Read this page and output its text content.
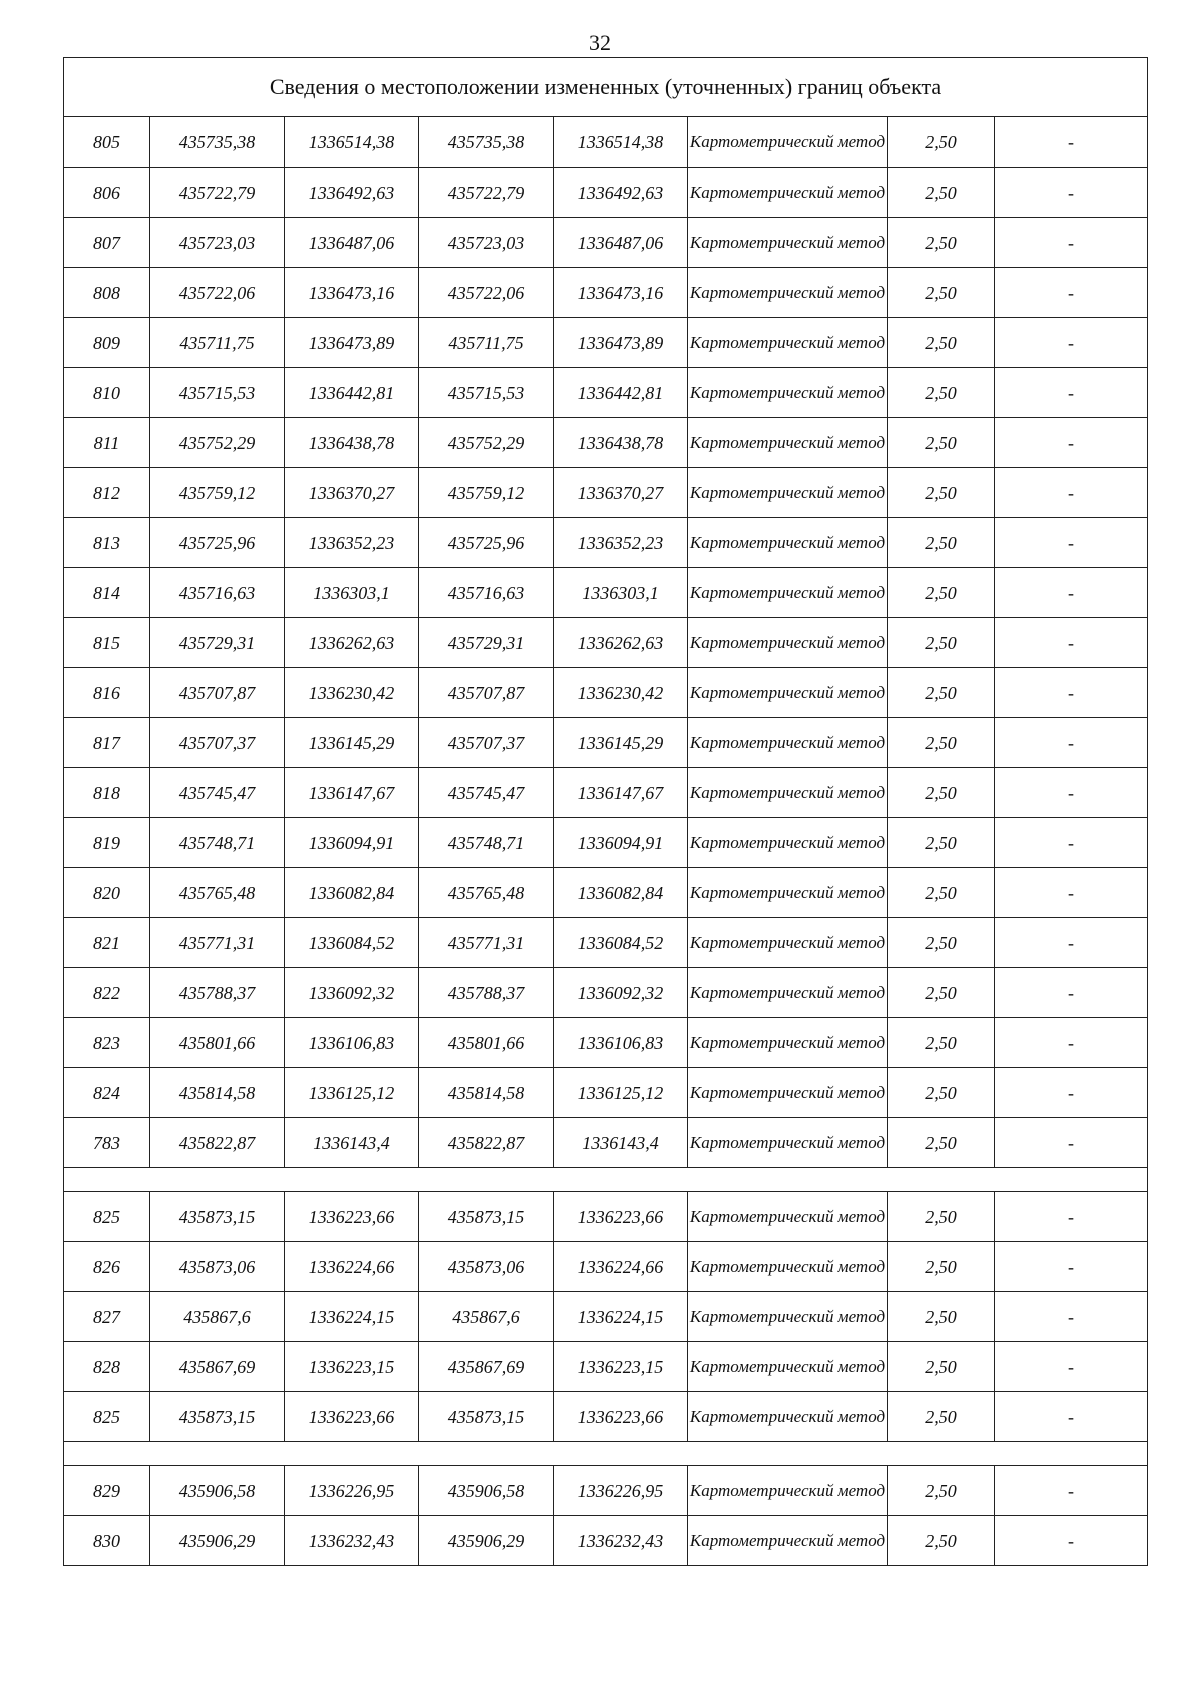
32
Сведения о местоположении измененных (уточненных) границ объекта							
805	435735,38	1336514,38	435735,38	1336514,38	Картометрический метод	2,50	-
806	435722,79	1336492,63	435722,79	1336492,63	Картометрический метод	2,50	-
807	435723,03	1336487,06	435723,03	1336487,06	Картометрический метод	2,50	-
808	435722,06	1336473,16	435722,06	1336473,16	Картометрический метод	2,50	-
809	435711,75	1336473,89	435711,75	1336473,89	Картометрический метод	2,50	-
810	435715,53	1336442,81	435715,53	1336442,81	Картометрический метод	2,50	-
811	435752,29	1336438,78	435752,29	1336438,78	Картометрический метод	2,50	-
812	435759,12	1336370,27	435759,12	1336370,27	Картометрический метод	2,50	-
813	435725,96	1336352,23	435725,96	1336352,23	Картометрический метод	2,50	-
814	435716,63	1336303,1	435716,63	1336303,1	Картометрический метод	2,50	-
815	435729,31	1336262,63	435729,31	1336262,63	Картометрический метод	2,50	-
816	435707,87	1336230,42	435707,87	1336230,42	Картометрический метод	2,50	-
817	435707,37	1336145,29	435707,37	1336145,29	Картометрический метод	2,50	-
818	435745,47	1336147,67	435745,47	1336147,67	Картометрический метод	2,50	-
819	435748,71	1336094,91	435748,71	1336094,91	Картометрический метод	2,50	-
820	435765,48	1336082,84	435765,48	1336082,84	Картометрический метод	2,50	-
821	435771,31	1336084,52	435771,31	1336084,52	Картометрический метод	2,50	-
822	435788,37	1336092,32	435788,37	1336092,32	Картометрический метод	2,50	-
823	435801,66	1336106,83	435801,66	1336106,83	Картометрический метод	2,50	-
824	435814,58	1336125,12	435814,58	1336125,12	Картометрический метод	2,50	-
783	435822,87	1336143,4	435822,87	1336143,4	Картометрический метод	2,50	-

825	435873,15	1336223,66	435873,15	1336223,66	Картометрический метод	2,50	-
826	435873,06	1336224,66	435873,06	1336224,66	Картометрический метод	2,50	-
827	435867,6	1336224,15	435867,6	1336224,15	Картометрический метод	2,50	-
828	435867,69	1336223,15	435867,69	1336223,15	Картометрический метод	2,50	-
825	435873,15	1336223,66	435873,15	1336223,66	Картометрический метод	2,50	-

829	435906,58	1336226,95	435906,58	1336226,95	Картометрический метод	2,50	-
830	435906,29	1336232,43	435906,29	1336232,43	Картометрический метод	2,50	-
